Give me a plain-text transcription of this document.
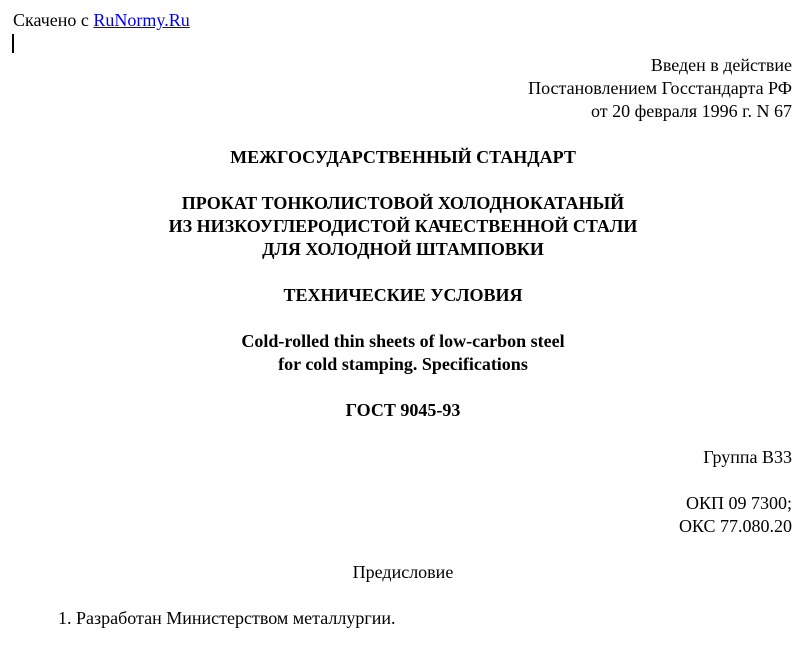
Скачено с RuNormy.Ru
Введен в действие
Постановлением Госстандарта РФ
от 20 февраля 1996 г. N 67
МЕЖГОСУДАРСТВЕННЫЙ СТАНДАРТ
ПРОКАТ ТОНКОЛИСТОВОЙ ХОЛОДНОКАТАНЫЙ
ИЗ НИЗКОУГЛЕРОДИСТОЙ КАЧЕСТВЕННОЙ СТАЛИ
ДЛЯ ХОЛОДНОЙ ШТАМПОВКИ
ТЕХНИЧЕСКИЕ УСЛОВИЯ
Cold-rolled thin sheets of low-carbon steel
for cold stamping. Specifications
ГОСТ 9045-93
Группа В33
ОКП 09 7300;
ОКС 77.080.20
Предисловие
1. Разработан Министерством металлургии.
